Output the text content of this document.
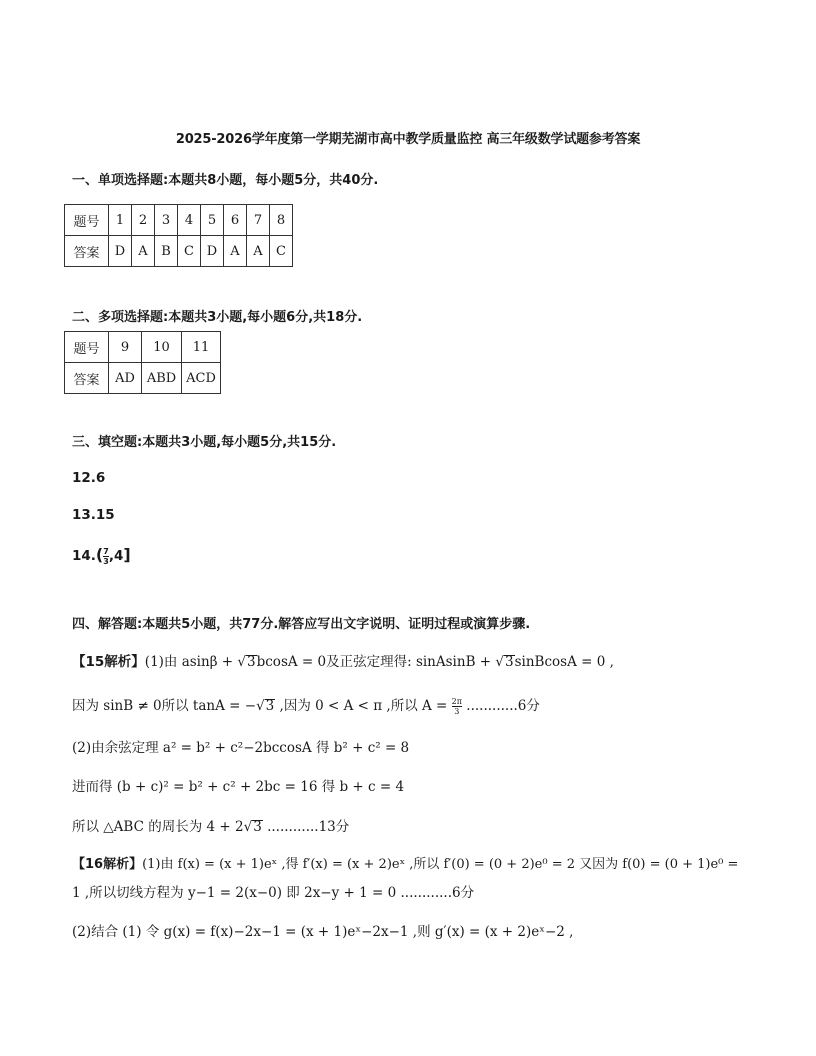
2025-2026学年度第一学期芜湖市高中教学质量监控 高三年级数学试题参考答案
一、单项选择题:本题共8小题，每小题5分，共40分.
题号	1	2	3	4	5	6	7	8
答案	D	A	B	C	D	A	A	C
二、多项选择题:本题共3小题,每小题6分,共18分.
题号	9	10	11
答案	AD	ABD	ACD
三、填空题:本题共3小题,每小题5分,共15分.
12.6
13.15
$14.( \frac{7}{3} ,4]$
四、解答题:本题共5小题，共77分.解答应写出文字说明、证明过程或演算步骤.
【15解析】(1)由 asinβ + √3bcosA = 0及正弦定理得: sinAsinB + √3sinBcosA = 0 ,
因为 sinB ≠ 0所以 tanA = −√3 ,因为 0 < A < π ,所以 $A = \frac{2\pi}{3} ............6$分
(2)由余弦定理 a² = b² + c²−2bccosA 得 b² + c² = 8
进而得 (b + c)² = b² + c² + 2bc = 16 得 b + c = 4
所以 △ABC 的周长为 4 + 2√3 ............13分
【16解析】(1)由 f(x) = (x + 1)eˣ ,得 f′(x) = (x + 2)eˣ ,所以 f′(0) = (0 + 2)e⁰ = 2 又因为 f(0) = (0 + 1)e⁰ =
1 ,所以切线方程为 y−1 = 2(x−0) 即 2x−y + 1 = 0 ............6分
(2)结合 (1) 令 g(x) = f(x)−2x−1 = (x + 1)eˣ−2x−1 ,则 g′(x) = (x + 2)eˣ−2 ,
